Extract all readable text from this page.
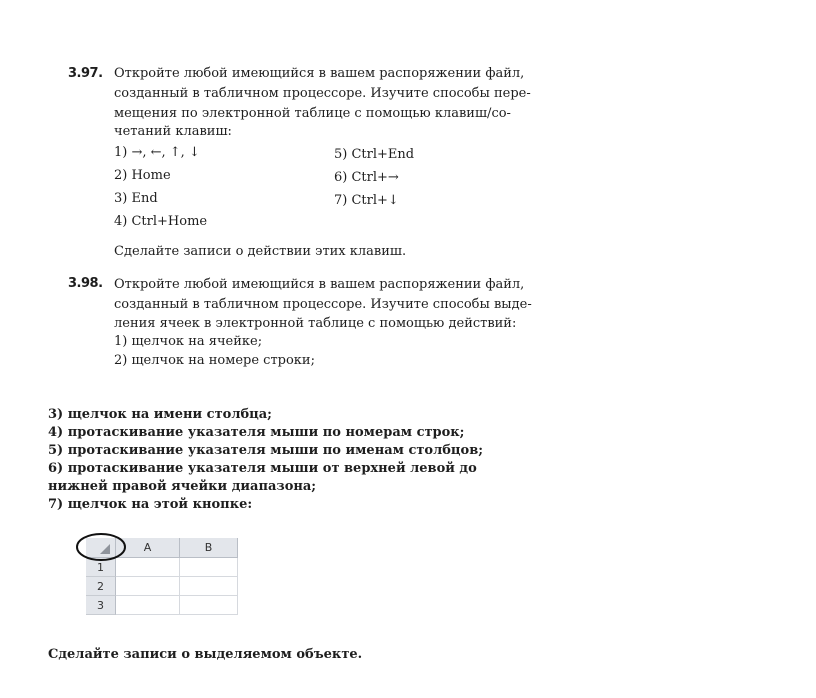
3.97. Откройте любой имеющийся в вашем распоряжении файл,
созданный в табличном процессоре. Изучите способы пере-
мещения по электронной таблице с помощью клавиш/со-
четаний клавиш:
1) →, ←, ↑, ↓
2) Home
3) End
4) Ctrl+Home
5) Ctrl+End
6) Ctrl+→
7) Ctrl+↓
Сделайте записи о действии этих клавиш.
3.98. Откройте любой имеющийся в вашем распоряжении файл,
созданный в табличном процессоре. Изучите способы выде-
ления ячеек в электронной таблице с помощью действий:
1) щелчок на ячейке;
2) щелчок на номере строки;
3) щелчок на имени столбца;
4) протаскивание указателя мыши по номерам строк;
5) протаскивание указателя мыши по именам столбцов;
6) протаскивание указателя мыши от верхней левой до
нижней правой ячейки диапазона;
7) щелчок на этой кнопке:
A	B
1
2
3
Сделайте записи о выделяемом объекте.
